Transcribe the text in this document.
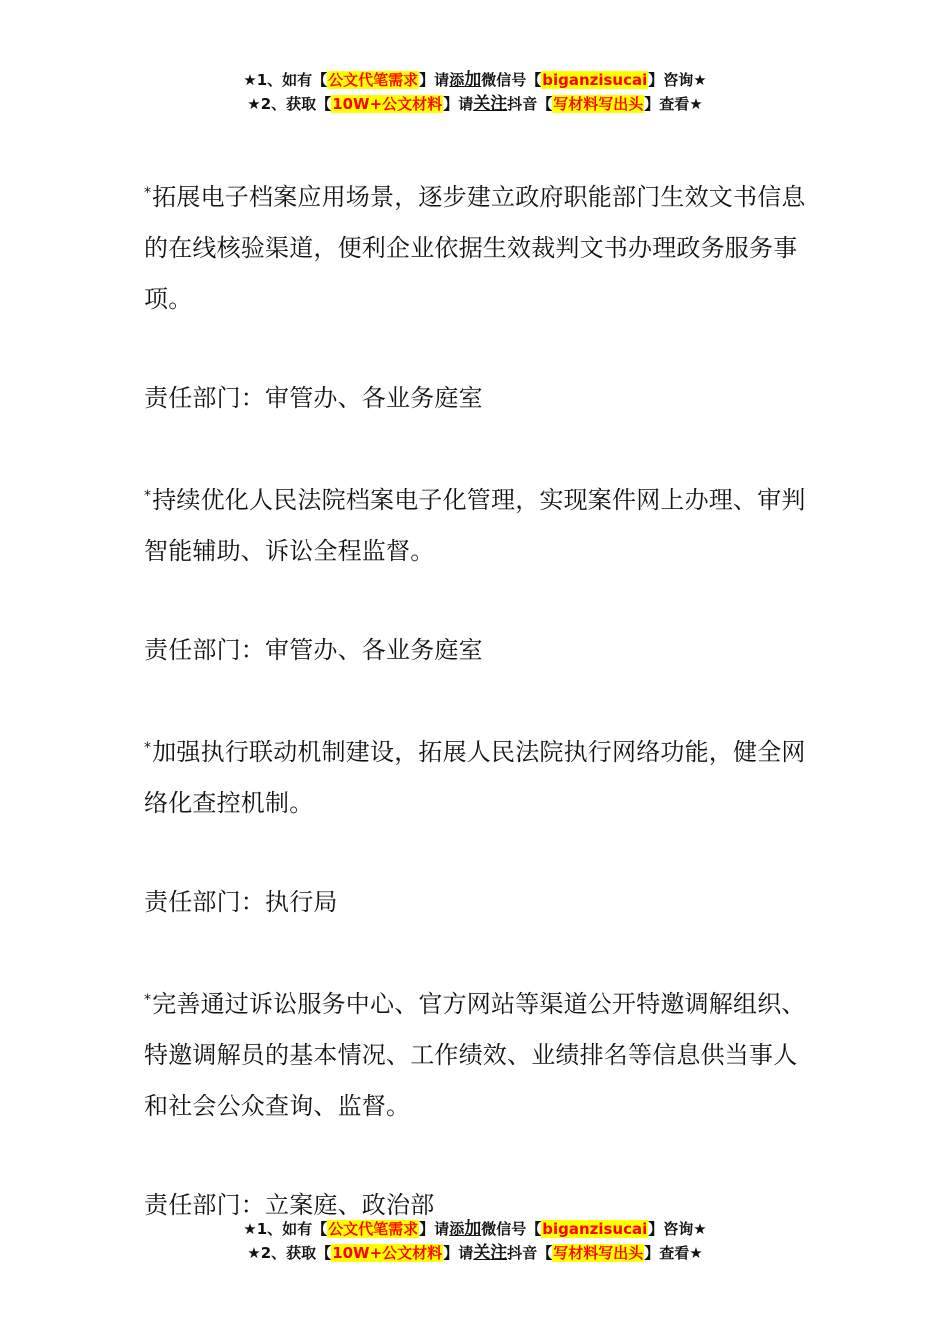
★1、如有【公文代笔需求】请添加微信号【biganzisucai】咨询★
★2、获取【10W+公文材料】请关注抖音【写材料写出头】查看★

*拓展电子档案应用场景，逐步建立政府职能部门生效文书信息的在线核验渠道，便利企业依据生效裁判文书办理政务服务事项。

责任部门：审管办、各业务庭室

*持续优化人民法院档案电子化管理，实现案件网上办理、审判智能辅助、诉讼全程监督。

责任部门：审管办、各业务庭室

*加强执行联动机制建设，拓展人民法院执行网络功能，健全网络化查控机制。

责任部门：执行局

*完善通过诉讼服务中心、官方网站等渠道公开特邀调解组织、特邀调解员的基本情况、工作绩效、业绩排名等信息供当事人和社会公众查询、监督。

责任部门：立案庭、政治部

★1、如有【公文代笔需求】请添加微信号【biganzisucai】咨询★
★2、获取【10W+公文材料】请关注抖音【写材料写出头】查看★
